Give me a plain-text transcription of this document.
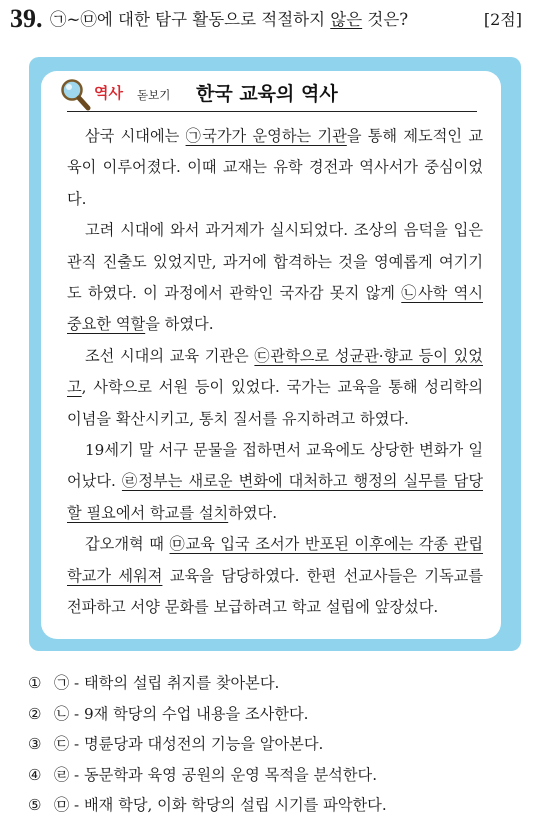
39. ㉠~㉤에 대한 탐구 활동으로 적절하지 않은 것은?	[2점]
역사 돋보기 한국 교육의 역사

삼국 시대에는 ㉠국가가 운영하는 기관을 통해 제도적인 교육이 이루어졌다. 이때 교재는 유학 경전과 역사서가 중심이었다.

고려 시대에 와서 과거제가 실시되었다. 조상의 음덕을 입은 관직 진출도 있었지만, 과거에 합격하는 것을 영예롭게 여기기도 하였다. 이 과정에서 관학인 국자감 못지 않게 ㉡사학 역시 중요한 역할을 하였다.

조선 시대의 교육 기관은 ㉢관학으로 성균관·향교 등이 있었고, 사학으로 서원 등이 있었다. 국가는 교육을 통해 성리학의 이념을 확산시키고, 통치 질서를 유지하려고 하였다.

19세기 말 서구 문물을 접하면서 교육에도 상당한 변화가 일어났다. ㉣정부는 새로운 변화에 대처하고 행정의 실무를 담당할 필요에서 학교를 설치하였다.

갑오개혁 때 ㉤교육 입국 조서가 반포된 이후에는 각종 관립 학교가 세워져 교육을 담당하였다. 한편 선교사들은 기독교를 전파하고 서양 문화를 보급하려고 학교 설립에 앞장섰다.

① ㉠ - 태학의 설립 취지를 찾아본다.
② ㉡ - 9재 학당의 수업 내용을 조사한다.
③ ㉢ - 명륜당과 대성전의 기능을 알아본다.
④ ㉣ - 동문학과 육영 공원의 운영 목적을 분석한다.
⑤ ㉤ - 배재 학당, 이화 학당의 설립 시기를 파악한다.
